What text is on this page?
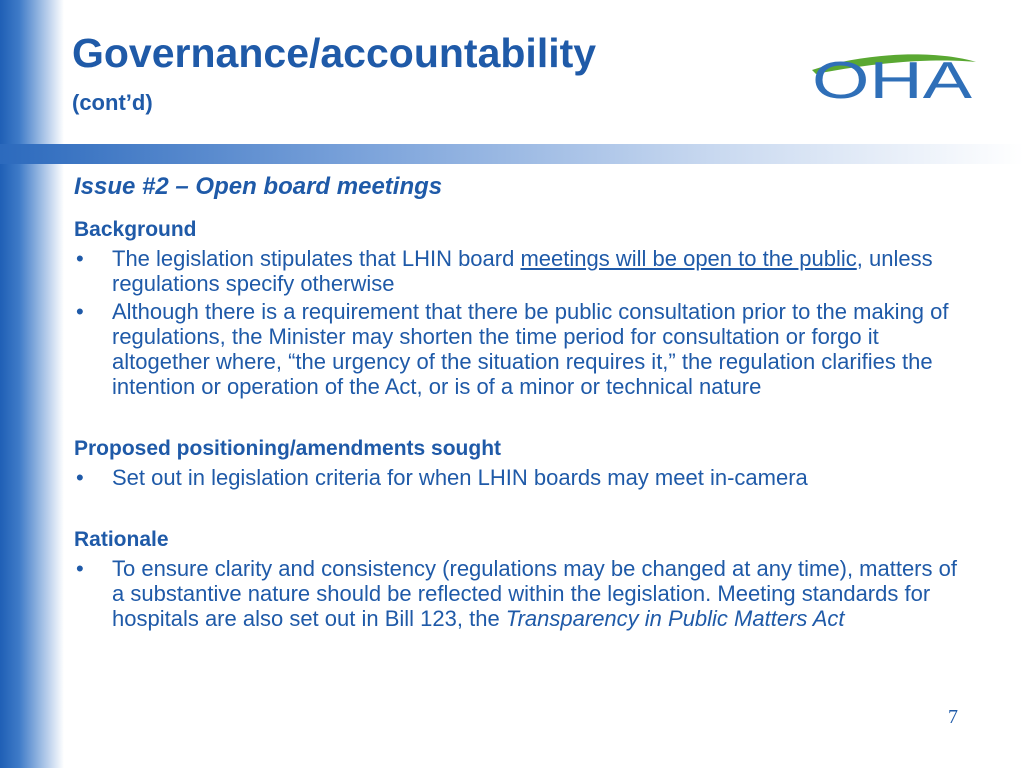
Governance/accountability
(cont’d)	OHA
Issue #2 – Open board meetings
Background
• The legislation stipulates that LHIN board meetings will be open to the public, unless regulations specify otherwise
• Although there is a requirement that there be public consultation prior to the making of regulations, the Minister may shorten the time period for consultation or forgo it altogether where, “the urgency of the situation requires it,” the regulation clarifies the intention or operation of the Act, or is of a minor or technical nature
Proposed positioning/amendments sought
• Set out in legislation criteria for when LHIN boards may meet in-camera
Rationale
• To ensure clarity and consistency (regulations may be changed at any time), matters of a substantive nature should be reflected within the legislation. Meeting standards for hospitals are also set out in Bill 123, the Transparency in Public Matters Act
7
